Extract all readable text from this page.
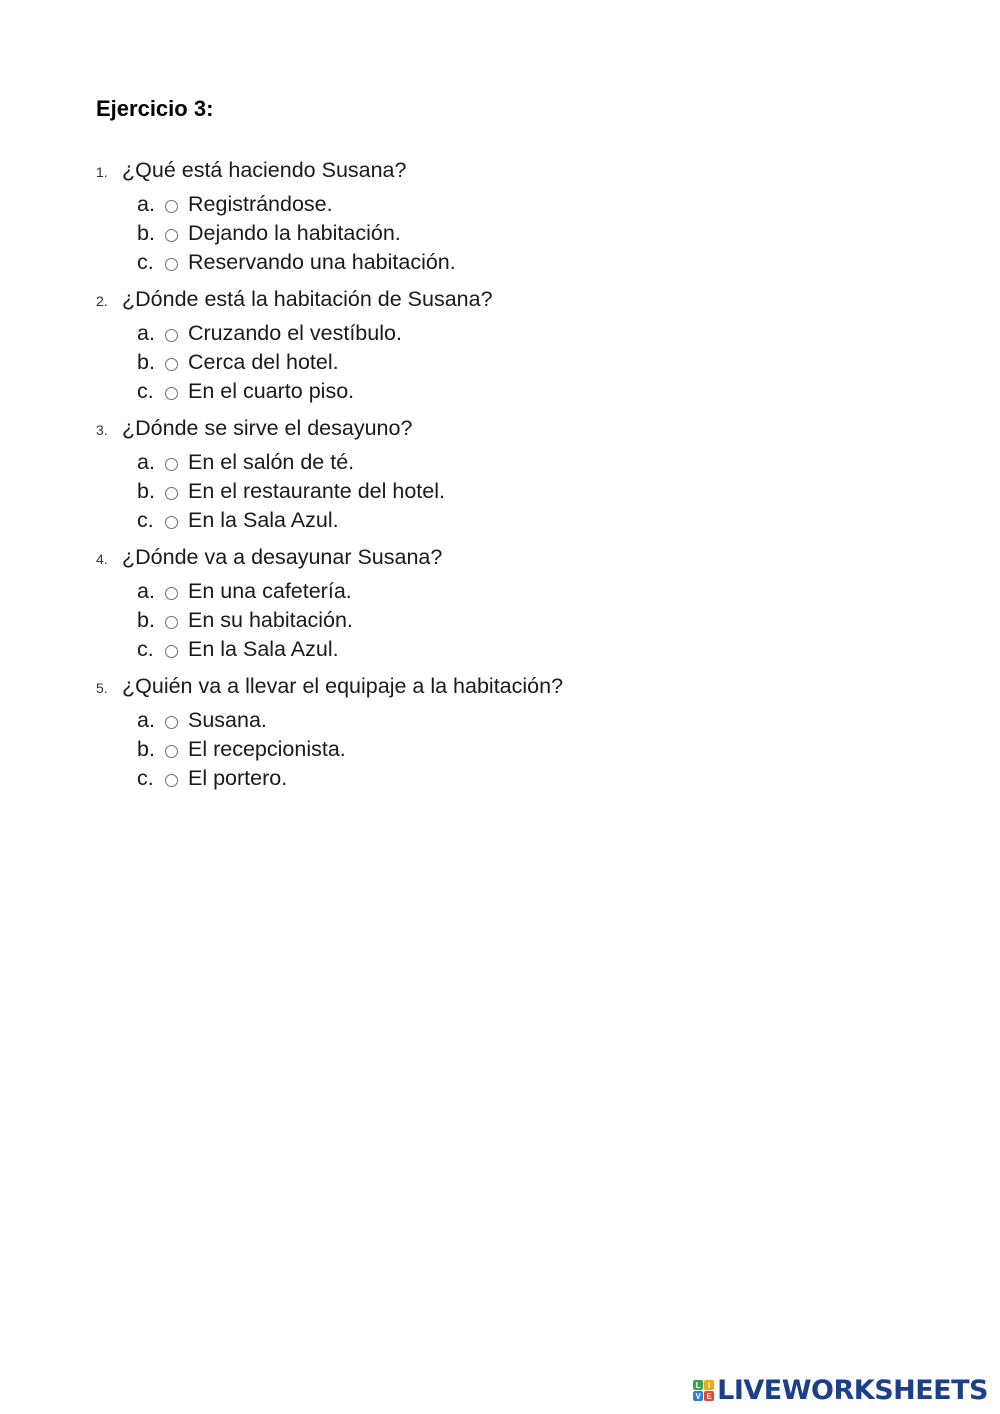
Ejercicio 3:
1. ¿Qué está haciendo Susana?
a.	Registrándose.
b.	Dejando la habitación.
c.	Reservando una habitación.
2. ¿Dónde está la habitación de Susana?
a.	Cruzando el vestíbulo.
b.	Cerca del hotel.
c.	En el cuarto piso.
3. ¿Dónde se sirve el desayuno?
a.	En el salón de té.
b.	En el restaurante del hotel.
c.	En la Sala Azul.
4. ¿Dónde va a desayunar Susana?
a.	En una cafetería.
b.	En su habitación.
c.	En la Sala Azul.
5. ¿Quién va a llevar el equipaje a la habitación?
a.	Susana.
b.	El recepcionista.
c.	El portero.
L I
V E LIVEWORKSHEETS
